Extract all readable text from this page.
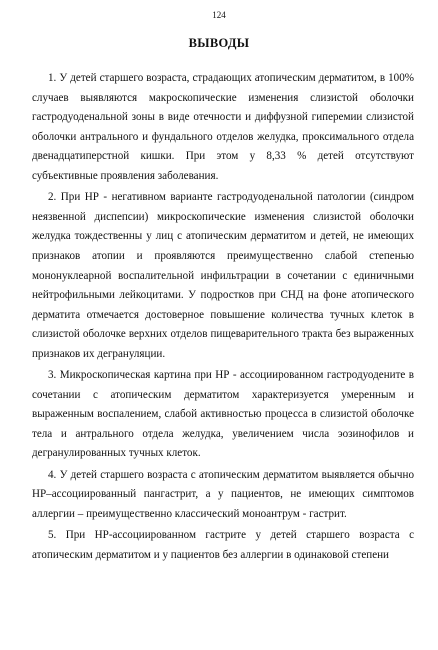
124
ВЫВОДЫ

1. У детей старшего возраста, страдающих атопическим дерматитом, в 100% случаев выявляются макроскопические изменения слизистой оболочки гастродуоденальной зоны в виде отечности и диффузной гиперемии слизистой оболочки антрального и фундального отделов желудка, проксимального отдела двенадцатиперстной кишки. При этом у 8,33 % детей отсутствуют субъективные проявления заболевания.

2. При НР - негативном варианте гастродуоденальной патологии (синдром неязвенной диспепсии) микроскопические изменения слизистой оболочки желудка тождественны у лиц с атопическим дерматитом и детей, не имеющих признаков атопии и проявляются преимущественно слабой степенью мононуклеарной воспалительной инфильтрации в сочетании с единичными нейтрофильными лейкоцитами. У подростков при СНД на фоне атопического дерматита отмечается достоверное повышение количества тучных клеток в слизистой оболочке верхних отделов пищеварительного тракта без выраженных признаков их дегрануляции.

3. Микроскопическая картина при НР - ассоциированном гастродуодените в сочетании с атопическим дерматитом характеризуется умеренным и выраженным воспалением, слабой активностью процесса в слизистой оболочке тела и антрального отдела желудка, увеличением числа эозинофилов и дегранулированных тучных клеток.

4. У детей старшего возраста с атопическим дерматитом выявляется обычно НР–ассоциированный пангастрит, а у пациентов, не имеющих симптомов аллергии – преимущественно классический моноантрум - гастрит.

5. При НР-ассоциированном гастрите у детей старшего возраста с атопическим дерматитом и у пациентов без аллергии в одинаковой степени
